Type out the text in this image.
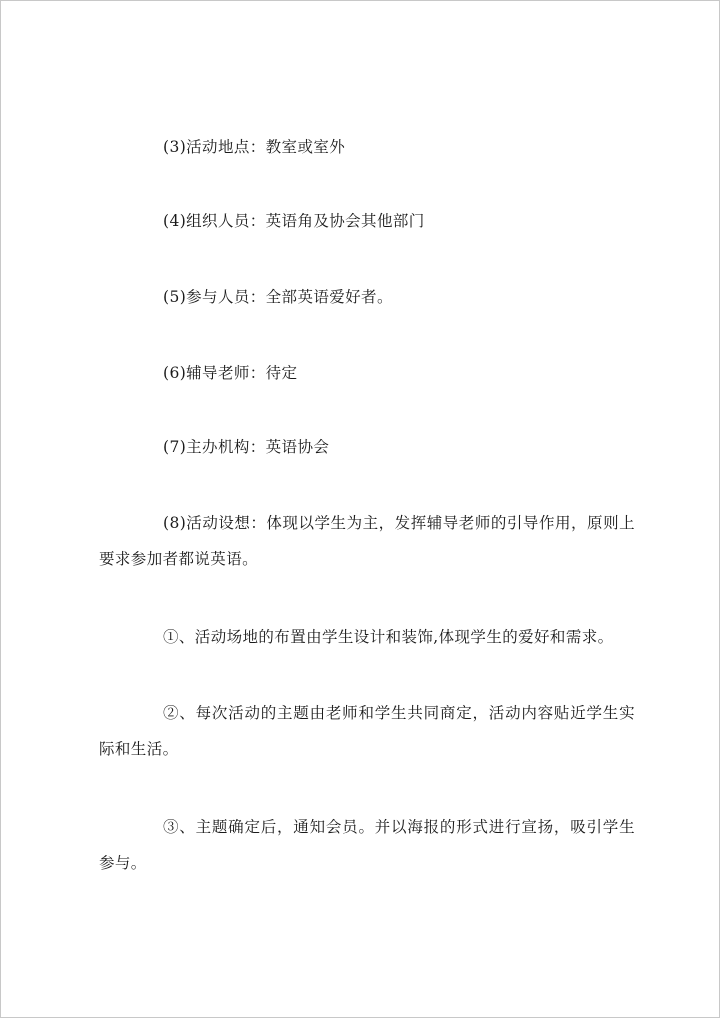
(3)活动地点：教室或室外

(4)组织人员：英语角及协会其他部门

(5)参与人员：全部英语爱好者。

(6)辅导老师：待定

(7)主办机构：英语协会

(8)活动设想：体现以学生为主，发挥辅导老师的引导作用，原则上要求参加者都说英语。

①、活动场地的布置由学生设计和装饰,体现学生的爱好和需求。

②、每次活动的主题由老师和学生共同商定，活动内容贴近学生实际和生活。

③、主题确定后，通知会员。并以海报的形式进行宣扬，吸引学生参与。
